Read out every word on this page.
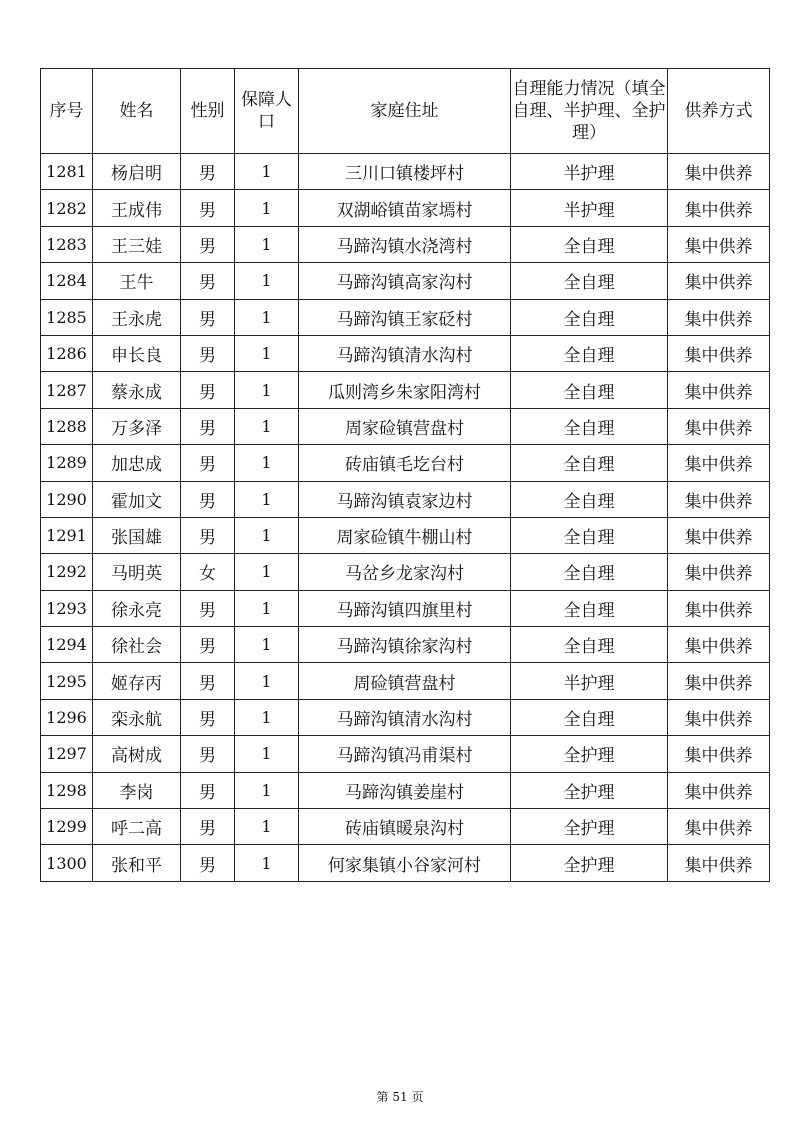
序号	姓名	性别	保障人口	家庭住址	自理能力情况（填全自理、半护理、全护理）	供养方式
1281	杨启明	男	1	三川口镇楼坪村	半护理	集中供养
1282	王成伟	男	1	双湖峪镇苗家墕村	半护理	集中供养
1283	王三娃	男	1	马蹄沟镇水浇湾村	全自理	集中供养
1284	王牛	男	1	马蹄沟镇高家沟村	全自理	集中供养
1285	王永虎	男	1	马蹄沟镇王家砭村	全自理	集中供养
1286	申长良	男	1	马蹄沟镇清水沟村	全自理	集中供养
1287	蔡永成	男	1	瓜则湾乡朱家阳湾村	全自理	集中供养
1288	万多泽	男	1	周家硷镇营盘村	全自理	集中供养
1289	加忠成	男	1	砖庙镇毛圪台村	全自理	集中供养
1290	霍加文	男	1	马蹄沟镇袁家边村	全自理	集中供养
1291	张国雄	男	1	周家硷镇牛棚山村	全自理	集中供养
1292	马明英	女	1	马岔乡龙家沟村	全自理	集中供养
1293	徐永亮	男	1	马蹄沟镇四旗里村	全自理	集中供养
1294	徐社会	男	1	马蹄沟镇徐家沟村	全自理	集中供养
1295	姬存丙	男	1	周硷镇营盘村	半护理	集中供养
1296	栾永航	男	1	马蹄沟镇清水沟村	全自理	集中供养
1297	高树成	男	1	马蹄沟镇冯甫渠村	全护理	集中供养
1298	李岗	男	1	马蹄沟镇姜崖村	全护理	集中供养
1299	呼二高	男	1	砖庙镇暖泉沟村	全护理	集中供养
1300	张和平	男	1	何家集镇小谷家河村	全护理	集中供养
第 51 页
